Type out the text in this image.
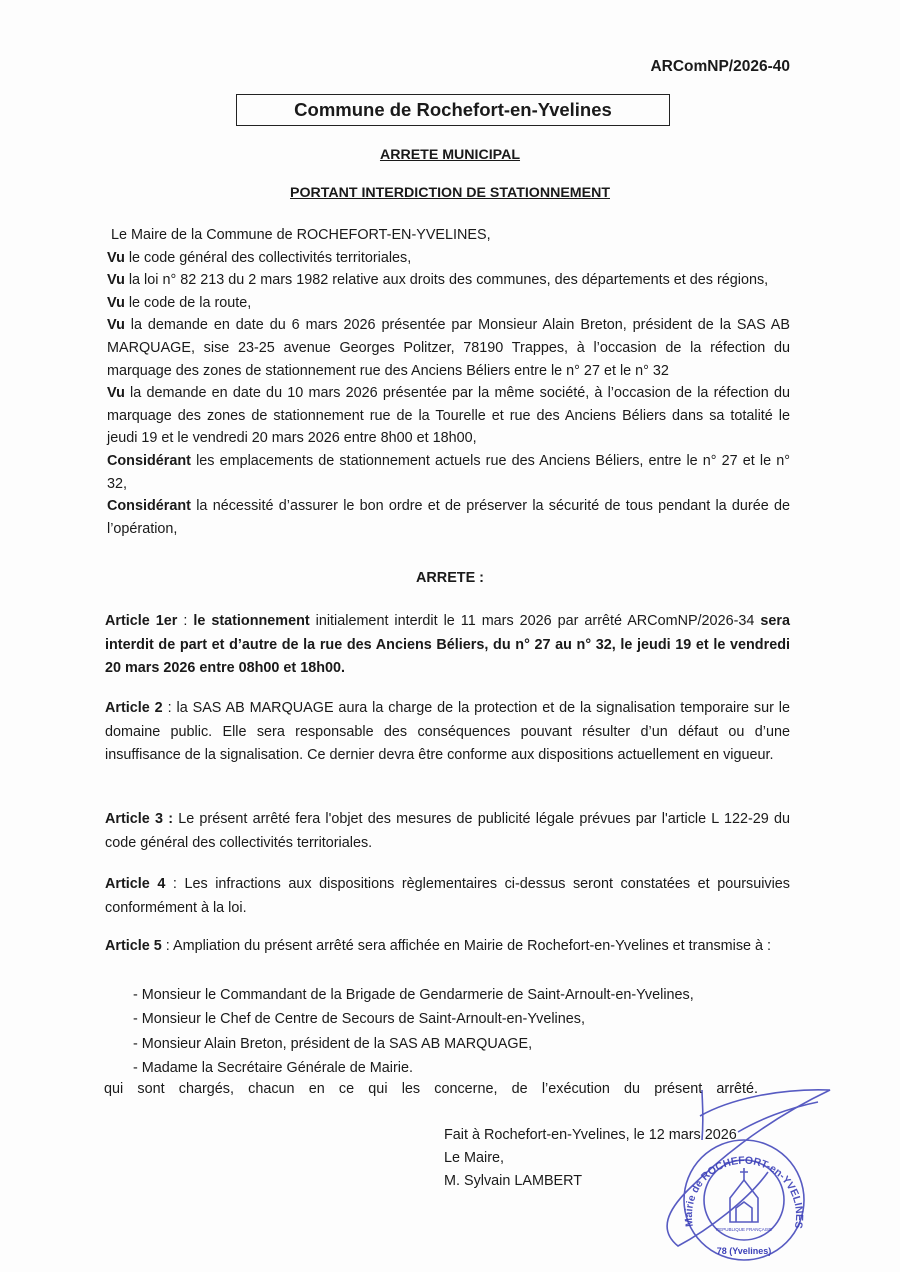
ARComNP/2026-40
Commune de Rochefort-en-Yvelines
ARRETE MUNICIPAL
PORTANT INTERDICTION DE STATIONNEMENT

Le Maire de la Commune de ROCHEFORT-EN-YVELINES,

Vu le code général des collectivités territoriales,

Vu la loi n° 82 213 du 2 mars 1982 relative aux droits des communes, des départements et des régions,

Vu le code de la route,

Vu la demande en date du 6 mars 2026 présentée par Monsieur Alain Breton, président de la SAS AB MARQUAGE, sise 23-25 avenue Georges Politzer, 78190 Trappes, à l’occasion de la réfection du marquage des zones de stationnement rue des Anciens Béliers entre le n° 27 et le n° 32

Vu la demande en date du 10 mars 2026 présentée par la même société, à l’occasion de la réfection du marquage des zones de stationnement rue de la Tourelle et rue des Anciens Béliers dans sa totalité le jeudi 19 et le vendredi 20 mars 2026 entre 8h00 et 18h00,

Considérant les emplacements de stationnement actuels rue des Anciens Béliers, entre le n° 27 et le n° 32,

Considérant la nécessité d’assurer le bon ordre et de préserver la sécurité de tous pendant la durée de l’opération,

ARRETE :

Article 1er : le stationnement initialement interdit le 11 mars 2026 par arrêté ARComNP/2026-34 sera interdit de part et d’autre de la rue des Anciens Béliers, du n° 27 au n° 32, le jeudi 19 et le vendredi 20 mars 2026 entre 08h00 et 18h00.

Article 2 : la SAS AB MARQUAGE aura la charge de la protection et de la signalisation temporaire sur le domaine public. Elle sera responsable des conséquences pouvant résulter d’un défaut ou d’une insuffisance de la signalisation. Ce dernier devra être conforme aux dispositions actuellement en vigueur.

Article 3 : Le présent arrêté fera l'objet des mesures de publicité légale prévues par l'article L 122-29 du code général des collectivités territoriales.

Article 4 : Les infractions aux dispositions règlementaires ci-dessus seront constatées et poursuivies conformément à la loi.

Article 5 : Ampliation du présent arrêté sera affichée en Mairie de Rochefort-en-Yvelines et transmise à :

- Monsieur le Commandant de la Brigade de Gendarmerie de Saint-Arnoult-en-Yvelines,
- Monsieur le Chef de Centre de Secours de Saint-Arnoult-en-Yvelines,
- Monsieur Alain Breton, président de la SAS AB MARQUAGE,
- Madame la Secrétaire Générale de Mairie.

qui sont chargés, chacun en ce qui les concerne, de l’exécution du présent arrêté.

Fait à Rochefort-en-Yvelines, le 12 mars 2026
Le Maire,
M. Sylvain LAMBERT
Mairie de ROCHEFORT-en-YVELINES
REPUBLIQUE FRANÇAISE
78 (Yvelines)
